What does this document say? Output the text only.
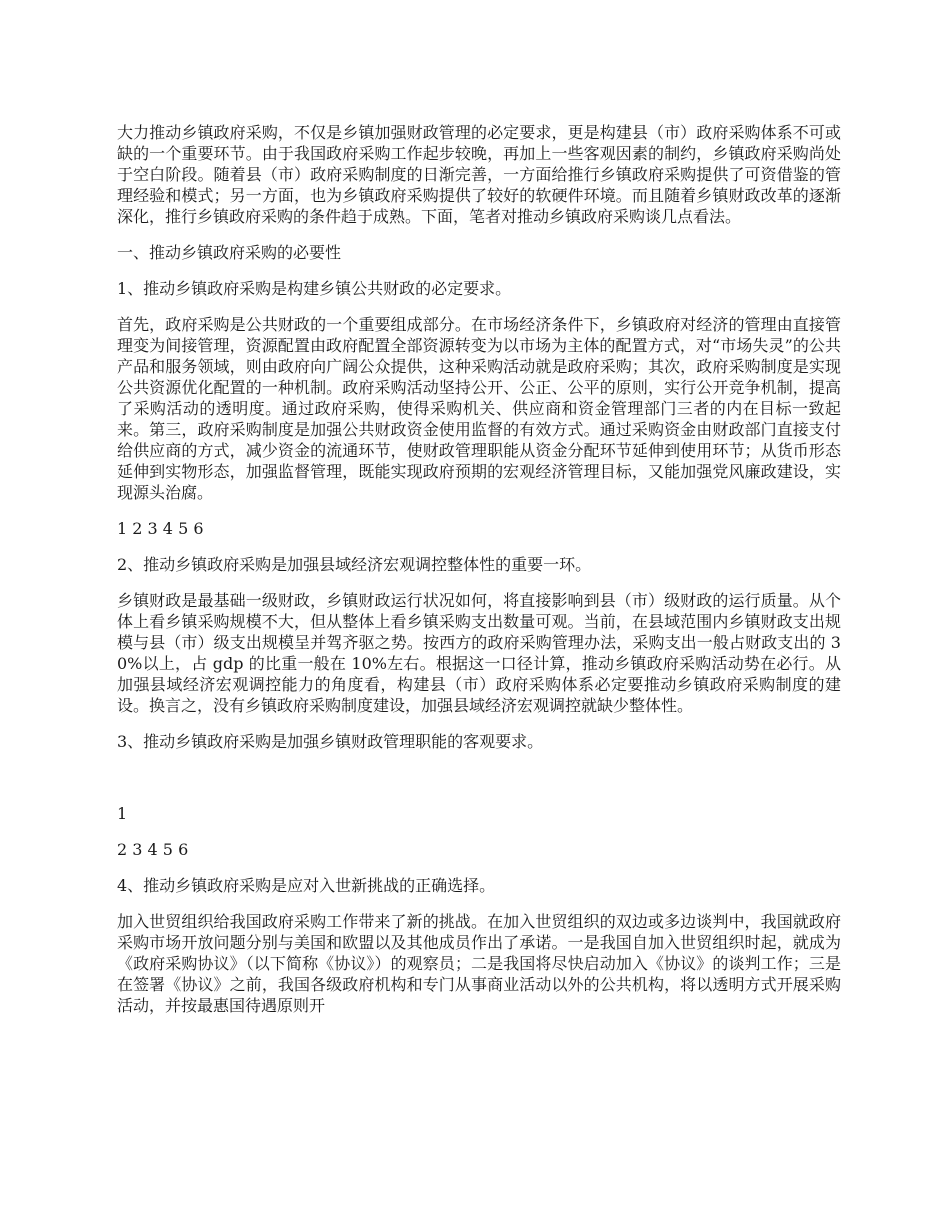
大力推动乡镇政府采购，不仅是乡镇加强财政管理的必定要求，更是构建县（市）政府采购体系不可或缺的一个重要环节。由于我国政府采购工作起步较晚，再加上一些客观因素的制约，乡镇政府采购尚处于空白阶段。随着县（市）政府采购制度的日渐完善，一方面给推行乡镇政府采购提供了可资借鉴的管理经验和模式；另一方面，也为乡镇政府采购提供了较好的软硬件环境。而且随着乡镇财政改革的逐渐深化，推行乡镇政府采购的条件趋于成熟。下面，笔者对推动乡镇政府采购谈几点看法。

一、推动乡镇政府采购的必要性

1、推动乡镇政府采购是构建乡镇公共财政的必定要求。

首先，政府采购是公共财政的一个重要组成部分。在市场经济条件下，乡镇政府对经济的管理由直接管理变为间接管理，资源配置由政府配置全部资源转变为以市场为主体的配置方式，对“市场失灵”的公共产品和服务领域，则由政府向广阔公众提供，这种采购活动就是政府采购；其次，政府采购制度是实现公共资源优化配置的一种机制。政府采购活动坚持公开、公正、公平的原则，实行公开竞争机制，提高了采购活动的透明度。通过政府采购，使得采购机关、供应商和资金管理部门三者的内在目标一致起来。第三，政府采购制度是加强公共财政资金使用监督的有效方式。通过采购资金由财政部门直接支付给供应商的方式，减少资金的流通环节，使财政管理职能从资金分配环节延伸到使用环节；从货币形态延伸到实物形态，加强监督管理，既能实现政府预期的宏观经济管理目标，又能加强党风廉政建设，实现源头治腐。

1 2 3 4 5 6

2、推动乡镇政府采购是加强县域经济宏观调控整体性的重要一环。

乡镇财政是最基础一级财政，乡镇财政运行状况如何，将直接影响到县（市）级财政的运行质量。从个体上看乡镇采购规模不大，但从整体上看乡镇采购支出数量可观。当前，在县域范围内乡镇财政支出规模与县（市）级支出规模呈并驾齐驱之势。按西方的政府采购管理办法，采购支出一般占财政支出的 30%以上，占 gdp 的比重一般在 10%左右。根据这一口径计算，推动乡镇政府采购活动势在必行。从加强县域经济宏观调控能力的角度看，构建县（市）政府采购体系必定要推动乡镇政府采购制度的建设。换言之，没有乡镇政府采购制度建设，加强县域经济宏观调控就缺少整体性。

3、推动乡镇政府采购是加强乡镇财政管理职能的客观要求。

1

2 3 4 5 6

4、推动乡镇政府采购是应对入世新挑战的正确选择。

加入世贸组织给我国政府采购工作带来了新的挑战。在加入世贸组织的双边或多边谈判中，我国就政府采购市场开放问题分别与美国和欧盟以及其他成员作出了承诺。一是我国自加入世贸组织时起，就成为《政府采购协议》（以下简称《协议》）的观察员；二是我国将尽快启动加入《协议》的谈判工作；三是在签署《协议》之前，我国各级政府机构和专门从事商业活动以外的公共机构，将以透明方式开展采购活动，并按最惠国待遇原则开
